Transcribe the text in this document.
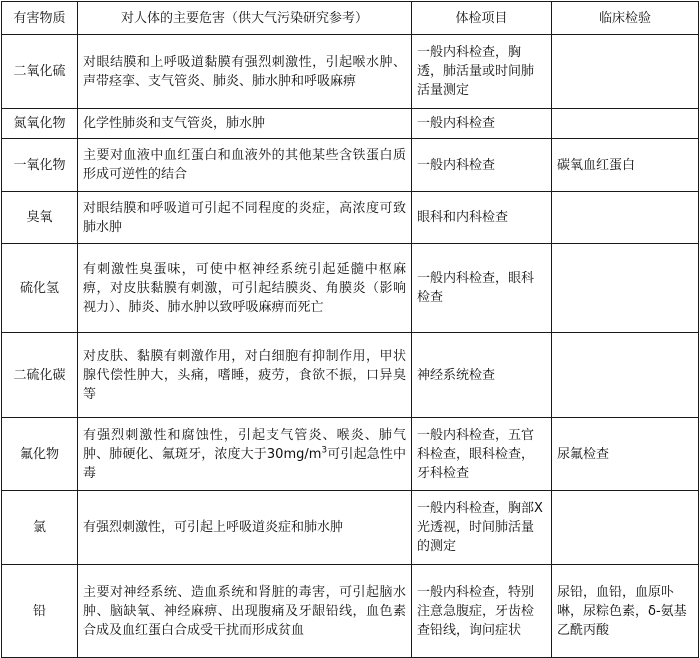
有害物质	对人体的主要危害（供大气污染研究参考）	体检项目	临床检验
二氧化硫	对眼结膜和上呼吸道黏膜有强烈刺激性，引起喉水肿、声带痉挛、支气管炎、肺炎、肺水肿和呼吸麻痹	一般内科检查，胸透，肺活量或时间肺活量测定	
氮氧化物	化学性肺炎和支气管炎，肺水肿	一般内科检查	
一氧化物	主要对血液中血红蛋白和血液外的其他某些含铁蛋白质形成可逆性的结合	一般内科检查	碳氧血红蛋白
臭氧	对眼结膜和呼吸道可引起不同程度的炎症，高浓度可致肺水肿	眼科和内科检查	
硫化氢	有刺激性臭蛋味，可使中枢神经系统引起延髓中枢麻痹，对皮肤黏膜有刺激，可引起结膜炎、角膜炎（影响视力）、肺炎、肺水肿以致呼吸麻痹而死亡	一般内科检查，眼科检查	
二硫化碳	对皮肤、黏膜有刺激作用，对白细胞有抑制作用，甲状腺代偿性肿大，头痛，嗜睡，疲劳，食欲不振，口异臭等	神经系统检查	
氟化物	有强烈刺激性和腐蚀性，引起支气管炎、喉炎、肺气肿、肺硬化、氟斑牙，浓度大于$30mg/m^3$可引起急性中毒	一般内科检查，五官科检查，眼科检查，牙科检查	尿氟检查
氯	有强烈刺激性，可引起上呼吸道炎症和肺水肿	一般内科检查，胸部X光透视，时间肺活量的测定	
铅	主要对神经系统、造血系统和肾脏的毒害，可引起脑水肿、脑缺氧、神经麻痹、出现腹痛及牙龈铅线，血色素合成及血红蛋白合成受干扰而形成贫血	一般内科检查，特别注意急腹症，牙齿检查铅线，询问症状	尿铅，血铅，血原卟啉，尿粽色素，δ-氨基乙酰丙酸
